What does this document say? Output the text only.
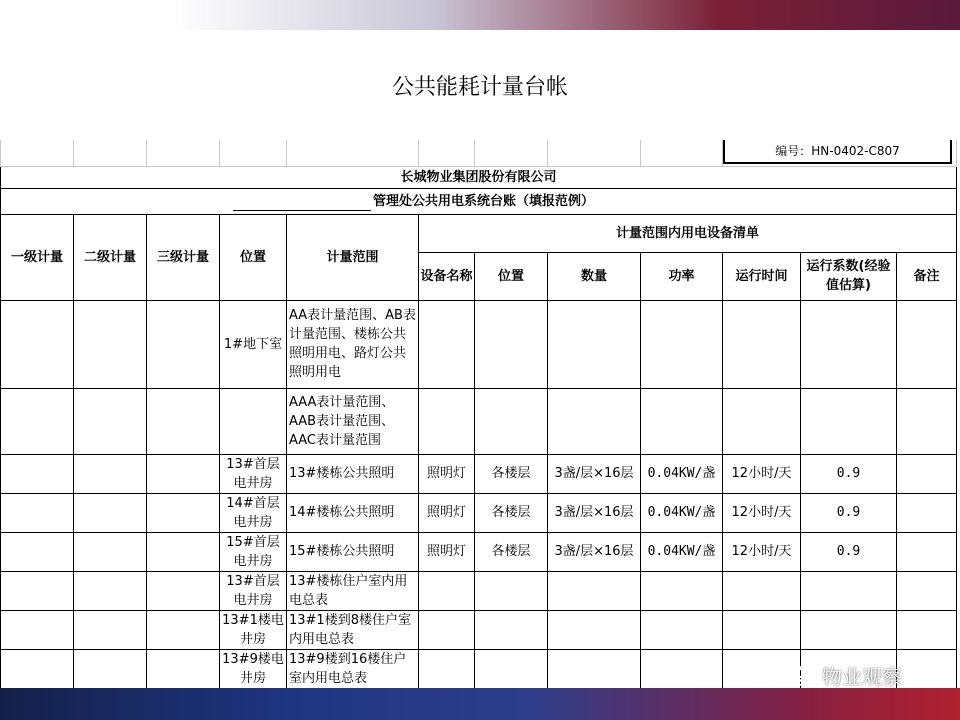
公共能耗计量台帐

									编号：HN-0402-C807		

长城物业集团股份有限公司											
管理处公共用电系统台账（填报范例）											
一级计量	二级计量	三级计量	位置	计量范围	计量范围内用电设备清单						
					设备名称	位置	数量	功率	运行时间	运行系数(经验值估算)	备注
			1#地下室	AA表计量范围、AB表计量范围、楼栋公共照明用电、路灯公共照明用电							
				AAA表计量范围、AAB表计量范围、AAC表计量范围							
			13#首层电井房	13#楼栋公共照明	照明灯	各楼层	3盏/层×16层	0.04KW/盏	12小时/天	0.9	
			14#首层电井房	14#楼栋公共照明	照明灯	各楼层	3盏/层×16层	0.04KW/盏	12小时/天	0.9	
			15#首层电井房	15#楼栋公共照明	照明灯	各楼层	3盏/层×16层	0.04KW/盏	12小时/天	0.9	
			13#首层电井房	13#楼栋住户室内用电总表							
			13#1楼电井房	13#1楼到8楼住户室内用电总表							
			13#9楼电井房	13#9楼到16楼住户室内用电总表								物业观察
